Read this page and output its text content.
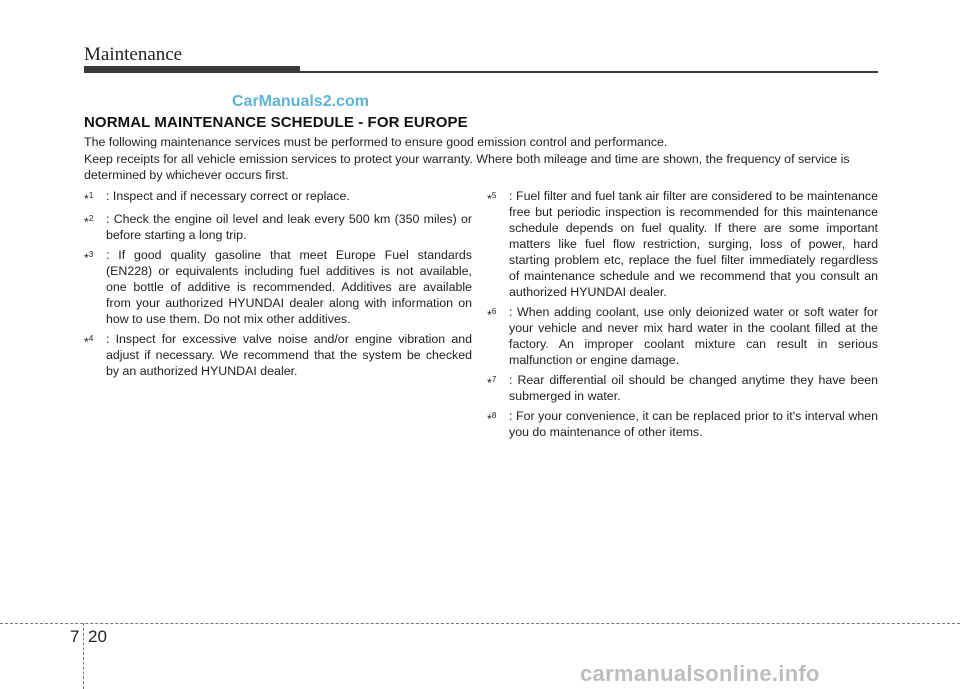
Maintenance
CarManuals2.com
NORMAL MAINTENANCE SCHEDULE - FOR EUROPE
The following maintenance services must be performed to ensure good emission control and performance.
Keep receipts for all vehicle emission services to protect your warranty. Where both mileage and time are shown, the frequency of service is determined by whichever occurs first.
*$^1$	: Inspect and if necessary correct or replace.
*$^2$	: Check the engine oil level and leak every 500 km (350 miles) or before starting a long trip.
*$^3$	: If good quality gasoline that meet Europe Fuel standards (EN228) or equivalents including fuel additives is not available, one bottle of additive is recommended. Additives are available from your authorized HYUNDAI dealer along with information on how to use them. Do not mix other additives.
*$^4$	: Inspect for excessive valve noise and/or engine vibration and adjust if necessary. We recommend that the system be checked by an authorized HYUNDAI dealer.
*$^5$	: Fuel filter and fuel tank air filter are considered to be maintenance free but periodic inspection is recommended for this maintenance schedule depends on fuel quality. If there are some important matters like fuel flow restriction, surging, loss of power, hard starting problem etc, replace the fuel filter immediately regardless of maintenance schedule and we recommend that you consult an authorized HYUNDAI dealer.
*$^6$	: When adding coolant, use only deionized water or soft water for your vehicle and never mix hard water in the coolant filled at the factory. An improper coolant mixture can result in serious malfunction or engine damage.
*$^7$	: Rear differential oil should be changed anytime they have been submerged in water.
*$^8$	: For your convenience, it can be replaced prior to it's interval when you do maintenance of other items.
7 20
carmanualsonline.info
